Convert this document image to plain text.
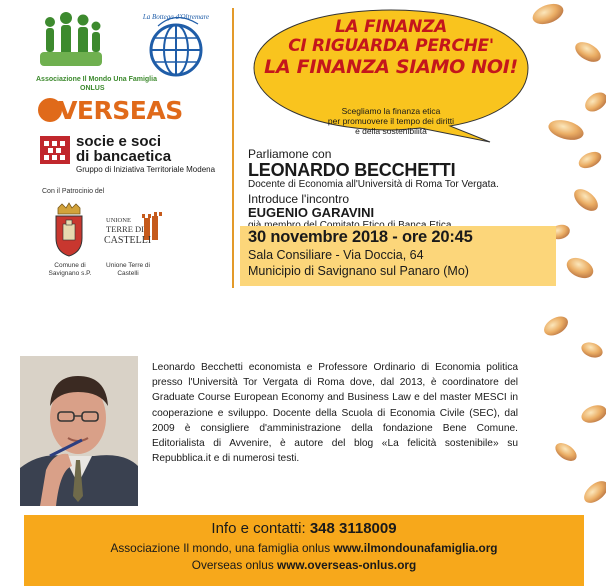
Associazione Il Mondo Una Famiglia
ONLUS
La Bottega d'Oltremare
OVERSEAS
socie e soci
di bancaetica
Gruppo di Iniziativa Territoriale Modena
Con il Patrocinio del
Comune di Savignano s.P.
UNIONE
TERRE DI
CASTELLI
Unione Terre di Castelli
LA FINANZA
CI RIGUARDA PERCHE'
LA FINANZA SIAMO NOI!
Scegliamo la finanza etica
per promuovere il tempo dei diritti
e della sostenibilità
Parliamone con
LEONARDO BECCHETTI
Docente di Economia all'Università di Roma Tor Vergata.
Introduce l'incontro
EUGENIO GARAVINI
30 novembre 2018 - ore 20:45
Sala Consiliare - Via Doccia, 64
Municipio di Savignano sul Panaro (Mo)

Leonardo Becchetti economista e Professore Ordinario di Economia politica presso l'Università Tor Vergata di Roma dove, dal 2013, è coordinatore del Graduate Course European Economy and Business Law e del master MESCI in cooperazione e sviluppo. Docente della Scuola di Economia Civile (SEC), dal 2009 è consigliere d'amministrazione della fondazione Bene Comune. Editorialista di Avvenire, è autore del blog «La felicità sostenibile» su Repubblica.it e di numerosi testi.

Info e contatti: 348 3118009
Associazione Il mondo, una famiglia onlus www.ilmondounafamiglia.org
Overseas onlus www.overseas-onlus.org
